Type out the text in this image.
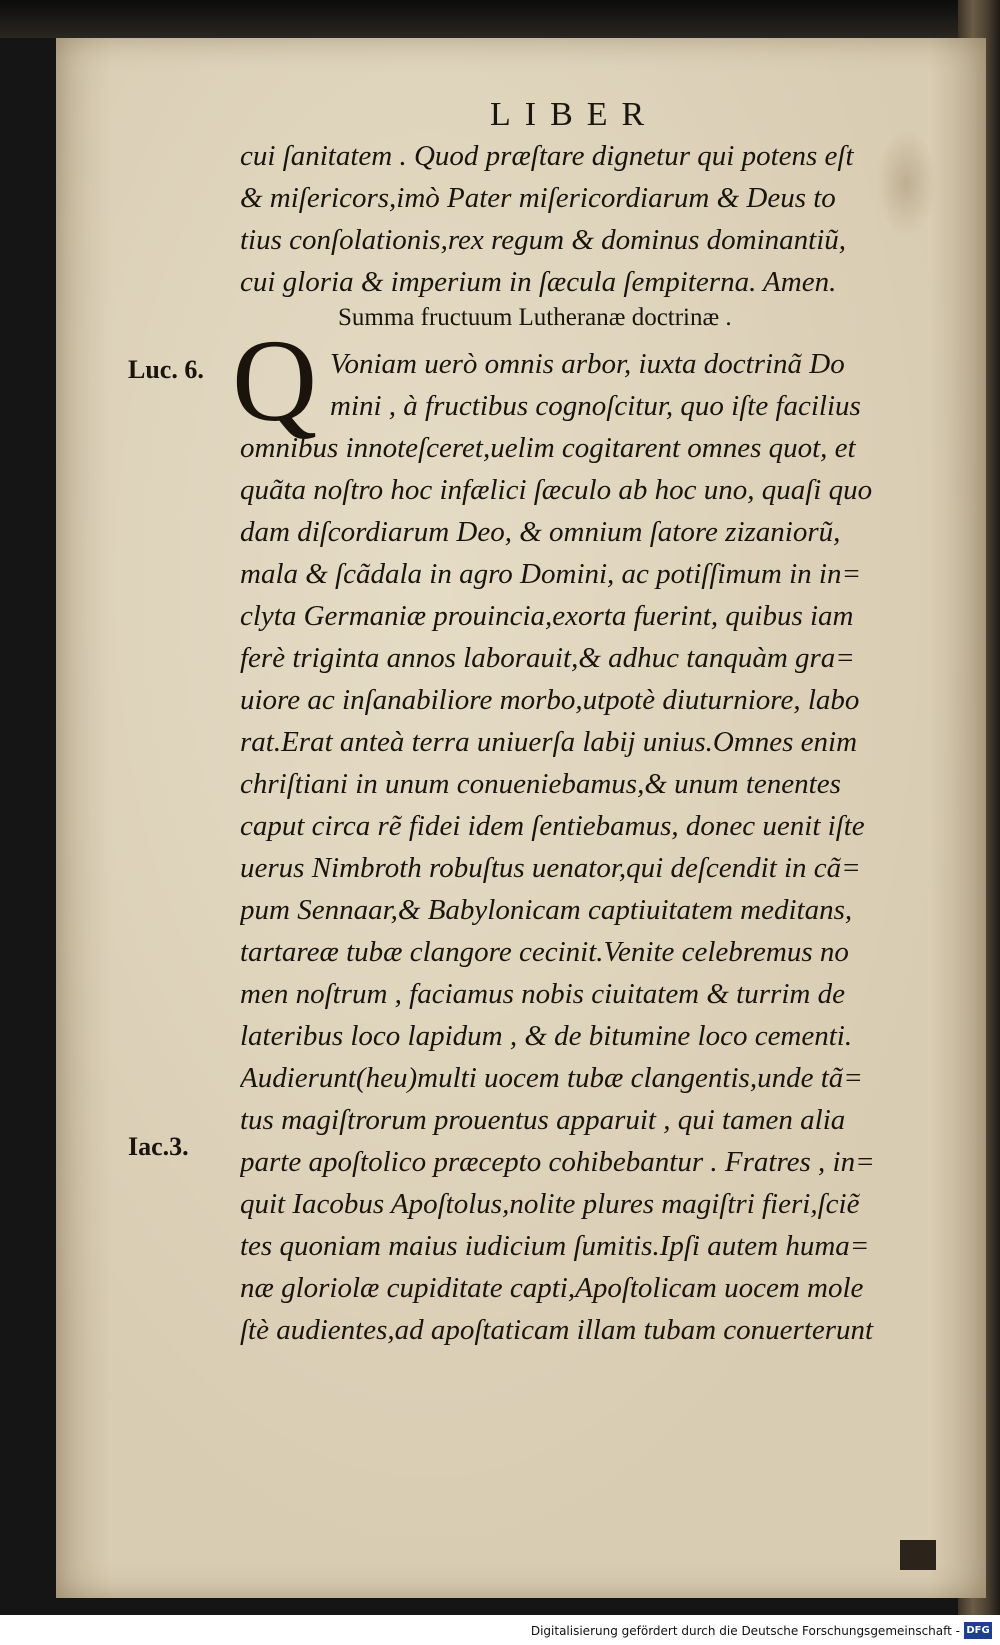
LIBER
cui ſanitatem . Quod præſtare dignetur qui potens eſt
& miſericors,imò Pater miſericordiarum & Deus to
tius conſolationis,rex regum & dominus dominantiũ,
cui gloria & imperium in ſæcula ſempiterna. Amen.
Summa fructuum Lutheranæ doctrinæ .
Luc. 6.
Iac.3.
Q Voniam uerò omnis arbor, iuxta doctrinã Do
mini , à fructibus cognoſcitur, quo iſte facilius
omnibus innoteſceret,uelim cogitarent omnes quot, et
quãta noſtro hoc infælici ſæculo ab hoc uno, quaſi quo
dam diſcordiarum Deo, & omnium ſatore zizaniorũ,
mala & ſcãdala in agro Domini, ac potiſſimum in in=
clyta Germaniæ prouincia,exorta fuerint, quibus iam
ferè triginta annos laborauit,& adhuc tanquàm gra=
uiore ac inſanabiliore morbo,utpotè diuturniore, labo
rat.Erat anteà terra uniuerſa labij unius.Omnes enim
chriſtiani in unum conueniebamus,& unum tenentes
caput circa rẽ fidei idem ſentiebamus, donec uenit iſte
uerus Nimbroth robuſtus uenator,qui deſcendit in cã=
pum Sennaar,& Babylonicam captiuitatem meditans,
tartareæ tubæ clangore cecinit.Venite celebremus no
men noſtrum , faciamus nobis ciuitatem & turrim de
lateribus loco lapidum , & de bitumine loco cementi.
Audierunt(heu)multi uocem tubæ clangentis,unde tã=
tus magiſtrorum prouentus apparuit , qui tamen alia
parte apoſtolico præcepto cohibebantur . Fratres , in=
quit Iacobus Apoſtolus,nolite plures magiſtri fieri,ſciẽ
tes quoniam maius iudicium ſumitis.Ipſi autem huma=
næ gloriolæ cupiditate capti,Apoſtolicam uocem mole
ſtè audientes,ad apoſtaticam illam tubam conuerterunt
Digitalisierung gefördert durch die Deutsche Forschungsgemeinschaft - DFG
